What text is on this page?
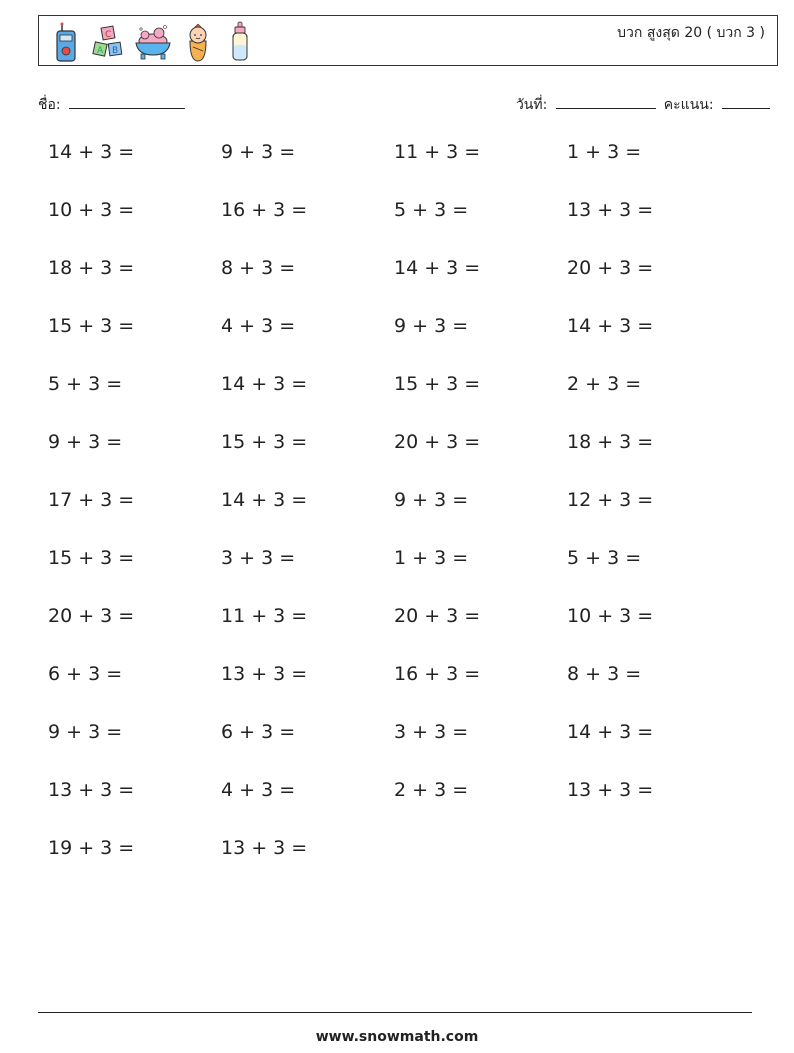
C
A B
บวก สูงสุด 20 ( บวก 3 )
ชื่อ:	วันที่:	คะแนน:
14 + 3 =
10 + 3 =
18 + 3 =
15 + 3 =
5 + 3 =
9 + 3 =
17 + 3 =
15 + 3 =
20 + 3 =
6 + 3 =
9 + 3 =
13 + 3 =
19 + 3 =
9 + 3 =
16 + 3 =
8 + 3 =
4 + 3 =
14 + 3 =
15 + 3 =
14 + 3 =
3 + 3 =
11 + 3 =
13 + 3 =
6 + 3 =
4 + 3 =
13 + 3 =
11 + 3 =
5 + 3 =
14 + 3 =
9 + 3 =
15 + 3 =
20 + 3 =
9 + 3 =
1 + 3 =
20 + 3 =
16 + 3 =
3 + 3 =
2 + 3 =
1 + 3 =
13 + 3 =
20 + 3 =
14 + 3 =
2 + 3 =
18 + 3 =
12 + 3 =
5 + 3 =
10 + 3 =
8 + 3 =
14 + 3 =
13 + 3 =
www.snowmath.com
